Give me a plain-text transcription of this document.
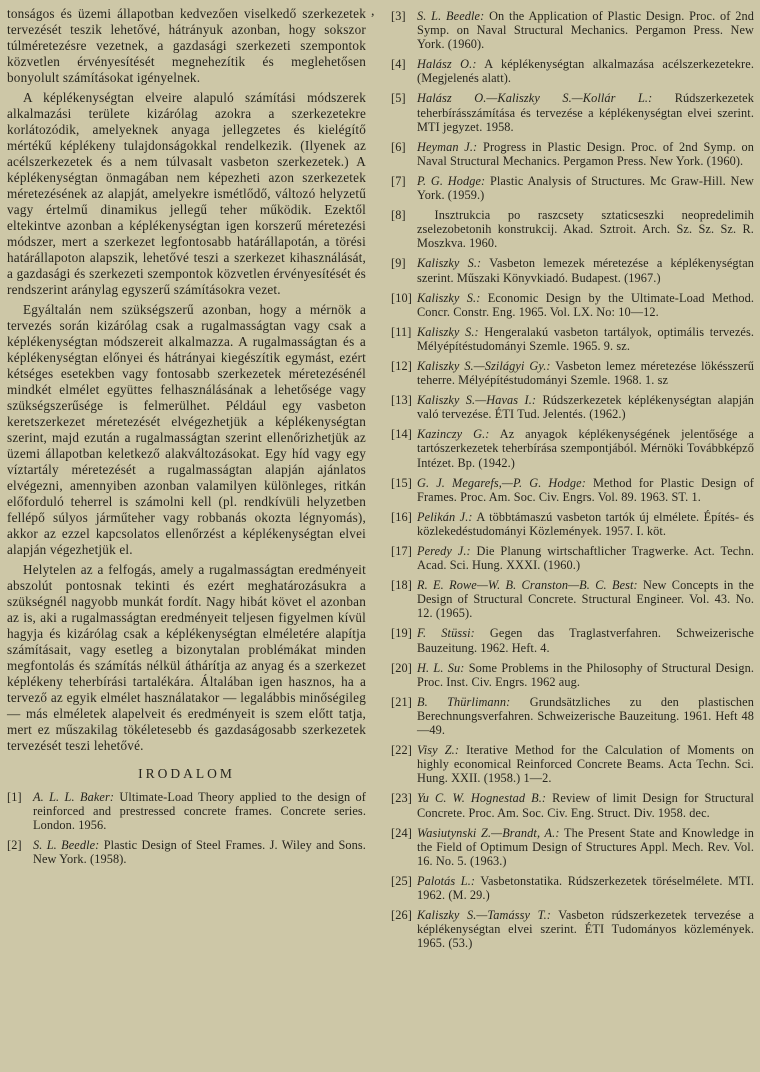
tonságos és üzemi állapotban kedvezően viselkedő szerkezetek tervezését teszik lehetővé, hátrányuk azonban, hogy sokszor túlméretezésre vezetnek, a gazdasági szerkezeti szempontok közvetlen érvényesítését megnehezítik és meglehetősen bonyolult számításokat igényelnek.

A képlékenységtan elveire alapuló számítási módszerek alkalmazási területe kizárólag azokra a szerkezetekre korlátozódik, amelyeknek anyaga jellegzetes és kielégítő mértékű képlékeny tulajdonságokkal rendelkezik. (Ilyenek az acélszerkezetek és a nem túlvasalt vasbeton szerkezetek.) A képlékenységtan önmagában nem képezheti azon szerkezetek méretezésének az alapját, amelyekre ismétlődő, változó helyzetű vagy értelmű dinamikus jellegű teher működik. Ezektől eltekintve azonban a képlékenységtan igen korszerű méretezési módszer, mert a szerkezet legfontosabb határállapotán, a törési határállapoton alapszik, lehetővé teszi a szerkezet kihasználását, a gazdasági és szerkezeti szempontok közvetlen érvényesítését és rendszerint aránylag egyszerű számításokra vezet.

Egyáltalán nem szükségszerű azonban, hogy a mérnök a tervezés során kizárólag csak a rugalmasságtan vagy csak a képlékenységtan módszereit alkalmazza. A rugalmasságtan és a képlékenységtan előnyei és hátrányai kiegészítik egymást, ezért kétséges esetekben vagy fontosabb szerkezetek méretezésénél mindkét elmélet együttes felhasználásának a lehetősége vagy szükségszerűsége is felmerülhet. Például egy vasbeton keretszerkezet méretezését elvégezhetjük a képlékenységtan szerint, majd ezután a rugalmasságtan szerint ellenőrizhetjük az üzemi állapotban keletkező alakváltozásokat. Egy híd vagy egy víztartály méretezését a rugalmasságtan alapján ajánlatos elvégezni, amennyiben azonban valamilyen különleges, ritkán előforduló teherrel is számolni kell (pl. rendkívüli helyzetben fellépő súlyos járműteher vagy robbanás okozta légnyomás), akkor az ezzel kapcsolatos ellenőrzést a képlékenységtan elvei alapján végezhetjük el.

Helytelen az a felfogás, amely a rugalmasságtan eredményeit abszolút pontosnak tekinti és ezért meghatározásukra a szükségnél nagyobb munkát fordít. Nagy hibát követ el azonban az is, aki a rugalmasságtan eredményeit teljesen figyelmen kívül hagyja és kizárólag csak a képlékenységtan elméletére alapítja számításait, vagy esetleg a bizonytalan problémákat minden megfontolás és számítás nélkül áthárítja az anyag és a szerkezet képlékeny teherbírási tartalékára. Általában igen hasznos, ha a tervező az egyik elmélet használatakor — legalábbis minőségileg — más elméletek alapelveit és eredményeit is szem előtt tatja, mert ez műszakilag tökéletesebb és gazdaságosabb szerkezetek tervezését teszi lehetővé.

IRODALOM
[1] A. L. L. Baker: Ultimate-Load Theory applied to the design of reinforced and prestressed concrete frames. Concrete series. London. 1956.
[2] S. L. Beedle: Plastic Design of Steel Frames. J. Wiley and Sons. New York. (1958).
[3] S. L. Beedle: On the Application of Plastic Design. Proc. of 2nd Symp. on Naval Structural Mechanics. Pergamon Press. New York. (1960).
[4] Halász O.: A képlékenységtan alkalmazása acélszerkezetekre. (Megjelenés alatt).
[5] Halász O.—Kaliszky S.—Kollár L.: Rúdszerkezetek teherbírásszámítása és tervezése a képlékenységtan elvei szerint. MTI jegyzet. 1958.
[6] Heyman J.: Progress in Plastic Design. Proc. of 2nd Symp. on Naval Structural Mechanics. Pergamon Press. New York. (1960).
[7] P. G. Hodge: Plastic Analysis of Structures. Mc Graw-Hill. New York. (1959.)
[8] Insztrukcia po raszcsety sztaticseszki neopredelimih zselezobetonih konstrukcij. Akad. Sztroit. Arch. Sz. Sz. Sz. R. Moszkva. 1960.
[9] Kaliszky S.: Vasbeton lemezek méretezése a képlékenységtan szerint. Műszaki Könyvkiadó. Budapest. (1967.)
[10] Kaliszky S.: Economic Design by the Ultimate-Load Method. Concr. Constr. Eng. 1965. Vol. LX. No: 10—12.
[11] Kaliszky S.: Hengeralakú vasbeton tartályok, optimális tervezés. Mélyépítéstudományi Szemle. 1965. 9. sz.
[12] Kaliszky S.—Szilágyi Gy.: Vasbeton lemez méretezése lökésszerű teherre. Mélyépítéstudományi Szemle. 1968. 1. sz
[13] Kaliszky S.—Havas I.: Rúdszerkezetek képlékenységtan alapján való tervezése. ÉTI Tud. Jelentés. (1962.)
[14] Kazinczy G.: Az anyagok képlékenységének jelentősége a tartószerkezetek teherbírása szempontjából. Mérnöki Továbbképző Intézet. Bp. (1942.)
[15] G. J. Megarefs,—P. G. Hodge: Method for Plastic Design of Frames. Proc. Am. Soc. Civ. Engrs. Vol. 89. 1963. ST. 1.
[16] Pelikán J.: A többtámaszú vasbeton tartók új elmélete. Építés- és közlekedéstudományi Közlemények. 1957. I. köt.
[17] Peredy J.: Die Planung wirtschaftlicher Tragwerke. Act. Techn. Acad. Sci. Hung. XXXI. (1960.)
[18] R. E. Rowe—W. B. Cranston—B. C. Best: New Concepts in the Design of Structural Concrete. Structural Engineer. Vol. 43. No. 12. (1965).
[19] F. Stüssi: Gegen das Traglastverfahren. Schweizerische Bauzeitung. 1962. Heft. 4.
[20] H. L. Su: Some Problems in the Philosophy of Structural Design. Proc. Inst. Civ. Engrs. 1962 aug.
[21] B. Thürlimann: Grundsätzliches zu den plastischen Berechnungsverfahren. Schweizerische Bauzeitung. 1961. Heft 48—49.
[22] Visy Z.: Iterative Method for the Calculation of Moments on highly economical Reinforced Concrete Beams. Acta Techn. Sci. Hung. XXII. (1958.) 1—2.
[23] Yu C. W. Hognestad B.: Review of limit Design for Structural Concrete. Proc. Am. Soc. Civ. Eng. Struct. Div. 1958. dec.
[24] Wasiutynski Z.—Brandt, A.: The Present State and Knowledge in the Field of Optimum Design of Structures Appl. Mech. Rev. Vol. 16. No. 5. (1963.)
[25] Palotás L.: Vasbetonstatika. Rúdszerkezetek töréselmélete. MTI. 1962. (M. 29.)
[26] Kaliszky S.—Tamássy T.: Vasbeton rúdszerkezetek tervezése a képlékenységtan elvei szerint. ÉTI Tudományos közlemények. 1965. (53.)
,
